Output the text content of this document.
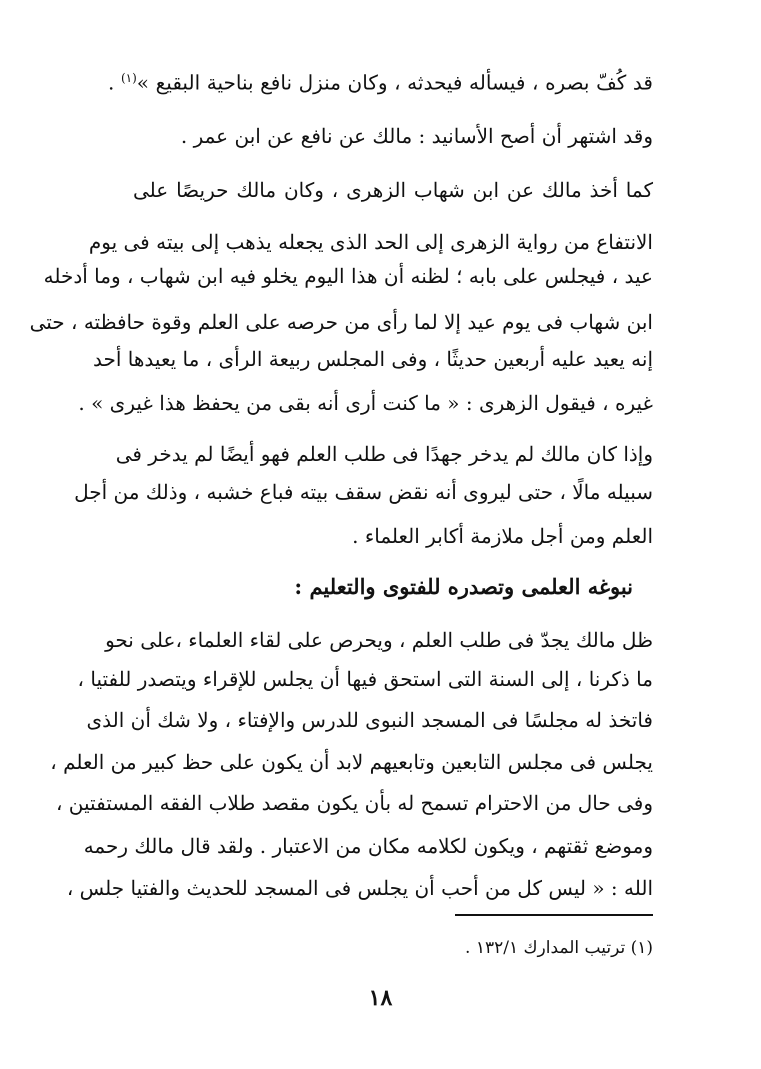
قد كُفّ بصره ، فيسأله فيحدثه ، وكان منزل نافع بناحية البقيع »$^{(١)}$ .
وقد اشتهر أن أصح الأسانيد : مالك عن نافع عن ابن عمر .
كما أخذ مالك عن ابن شهاب الزهرى ، وكان مالك حريصًا على
الانتفاع من رواية الزهرى إلى الحد الذى يجعله يذهب إلى بيته فى يوم
عيد ، فيجلس على بابه ؛ لظنه أن هذا اليوم يخلو فيه ابن شهاب ، وما أدخله
ابن شهاب فى يوم عيد إلا لما رأى من حرصه على العلم وقوة حافظته ، حتى
إنه يعيد عليه أربعين حديثًا ، وفى المجلس ربيعة الرأى ، ما يعيدها أحد
غيره ، فيقول الزهرى : « ما كنت أرى أنه بقى من يحفظ هذا غيرى » .
وإذا كان مالك لم يدخر جهدًا فى طلب العلم فهو أيضًا لم يدخر فى
سبيله مالًا ، حتى ليروى أنه نقض سقف بيته فباع خشبه ، وذلك من أجل
العلم ومن أجل ملازمة أكابر العلماء .
نبوغه العلمى وتصدره للفتوى والتعليم :
ظل مالك يجدّ فى طلب العلم ، ويحرص على لقاء العلماء ،على نحو
ما ذكرنا ، إلى السنة التى استحق فيها أن يجلس للإقراء ويتصدر للفتيا ،
فاتخذ له مجلسًا فى المسجد النبوى للدرس والإفتاء ، ولا شك أن الذى
يجلس فى مجلس التابعين وتابعيهم لابد أن يكون على حظ كبير من العلم ،
وفى حال من الاحترام تسمح له بأن يكون مقصد طلاب الفقه المستفتين ،
وموضع ثقتهم ، ويكون لكلامه مكان من الاعتبار . ولقد قال مالك رحمه
الله : « ليس كل من أحب أن يجلس فى المسجد للحديث والفتيا جلس ،
(١) ترتيب المدارك ١٣٢/١ .
١٨
